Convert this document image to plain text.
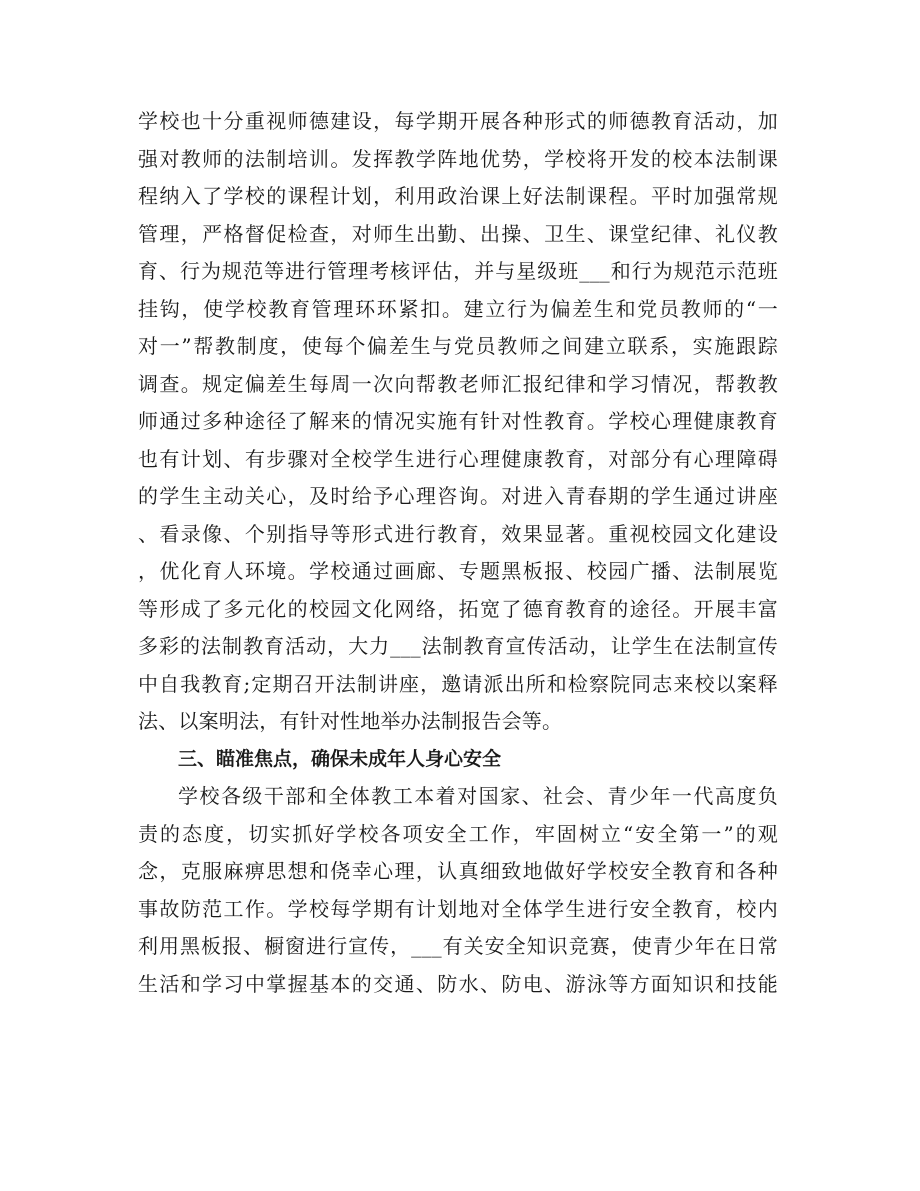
学校也十分重视师德建设，每学期开展各种形式的师德教育活动，加
强对教师的法制培训。发挥教学阵地优势，学校将开发的校本法制课
程纳入了学校的课程计划，利用政治课上好法制课程。平时加强常规
管理，严格督促检查，对师生出勤、出操、卫生、课堂纪律、礼仪教
育、行为规范等进行管理考核评估，并与星级班___和行为规范示范班
挂钩，使学校教育管理环环紧扣。建立行为偏差生和党员教师的“一
对一”帮教制度，使每个偏差生与党员教师之间建立联系，实施跟踪
调查。规定偏差生每周一次向帮教老师汇报纪律和学习情况，帮教教
师通过多种途径了解来的情况实施有针对性教育。学校心理健康教育
也有计划、有步骤对全校学生进行心理健康教育，对部分有心理障碍
的学生主动关心，及时给予心理咨询。对进入青春期的学生通过讲座
、看录像、个别指导等形式进行教育，效果显著。重视校园文化建设
，优化育人环境。学校通过画廊、专题黑板报、校园广播、法制展览
等形成了多元化的校园文化网络，拓宽了德育教育的途径。开展丰富
多彩的法制教育活动，大力___法制教育宣传活动，让学生在法制宣传
中自我教育;定期召开法制讲座，邀请派出所和检察院同志来校以案释
法、以案明法，有针对性地举办法制报告会等。
三、瞄准焦点，确保未成年人身心安全
学校各级干部和全体教工本着对国家、社会、青少年一代高度负
责的态度，切实抓好学校各项安全工作，牢固树立“安全第一”的观
念，克服麻痹思想和侥幸心理，认真细致地做好学校安全教育和各种
事故防范工作。学校每学期有计划地对全体学生进行安全教育，校内
利用黑板报、橱窗进行宣传，___有关安全知识竞赛，使青少年在日常
生活和学习中掌握基本的交通、防水、防电、游泳等方面知识和技能
